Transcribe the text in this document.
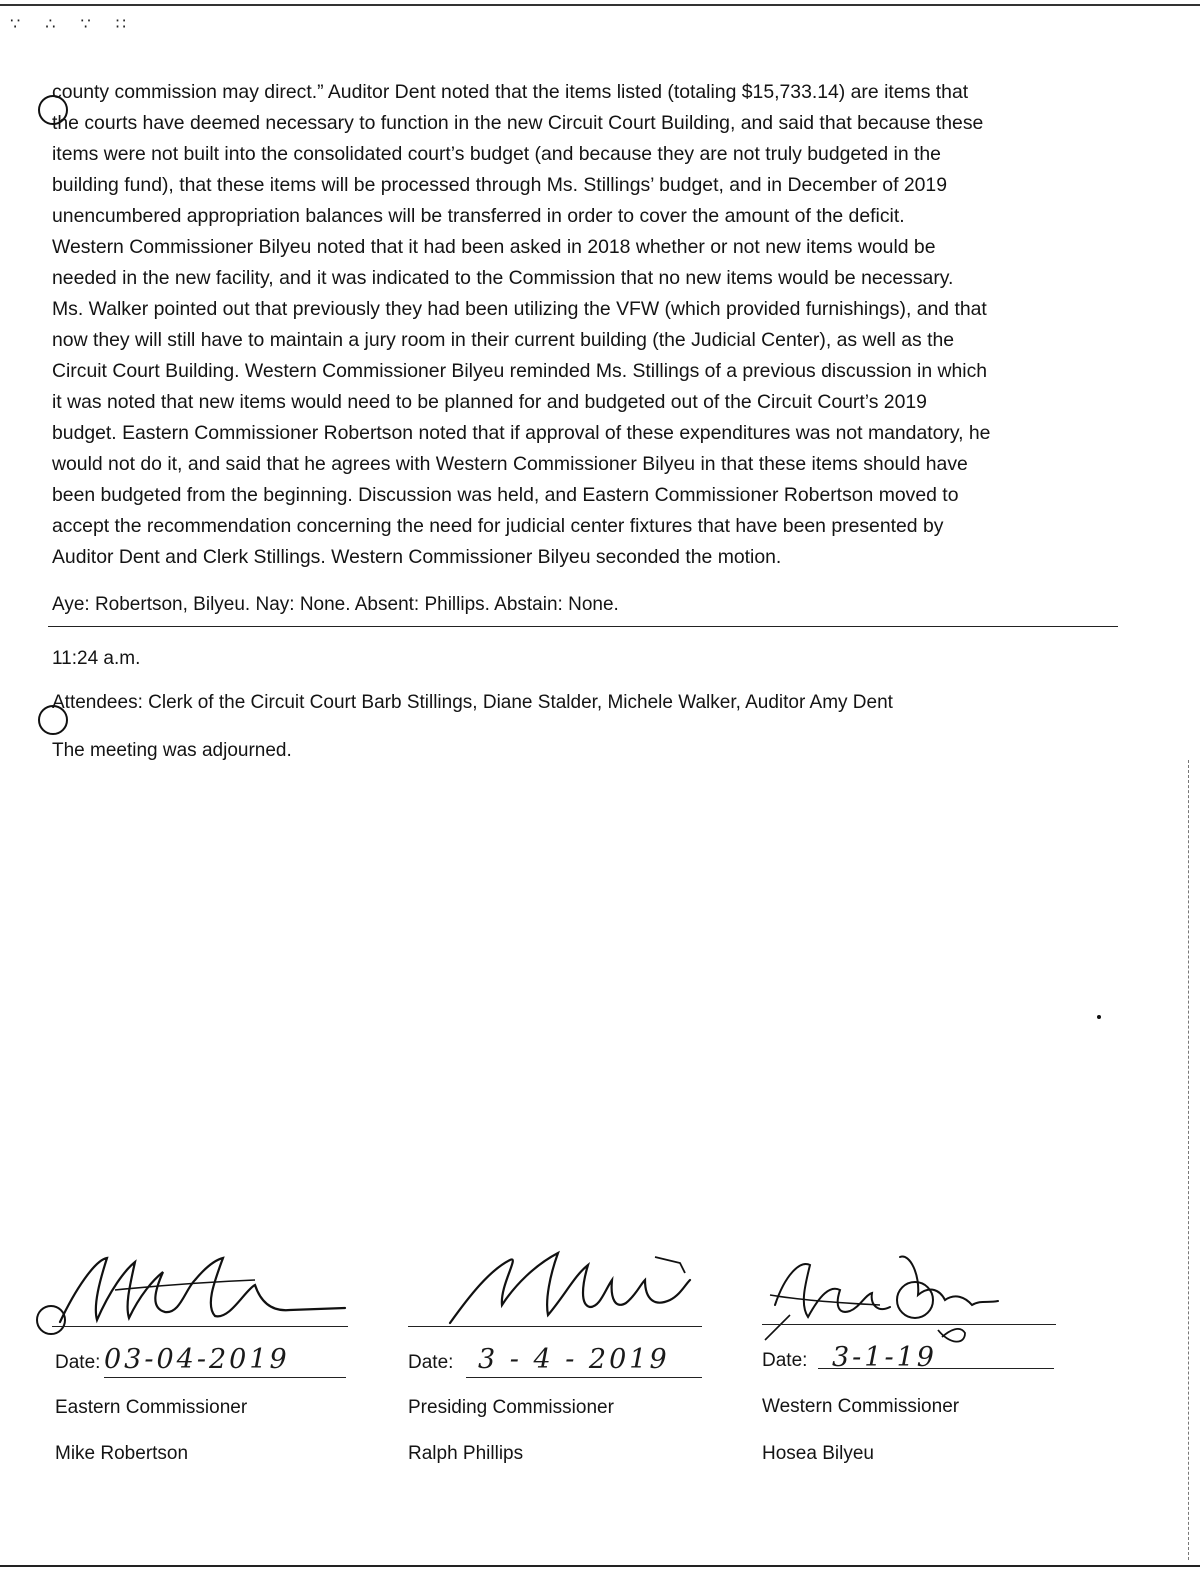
∵ ∴ ∵ ∷

county commission may direct.” Auditor Dent noted that the items listed (totaling $15,733.14) are items that
the courts have deemed necessary to function in the new Circuit Court Building, and said that because these
items were not built into the consolidated court’s budget (and because they are not truly budgeted in the
building fund), that these items will be processed through Ms. Stillings’ budget, and in December of 2019
unencumbered appropriation balances will be transferred in order to cover the amount of the deficit.
Western Commissioner Bilyeu noted that it had been asked in 2018 whether or not new items would be
needed in the new facility, and it was indicated to the Commission that no new items would be necessary.
Ms. Walker pointed out that previously they had been utilizing the VFW (which provided furnishings), and that
now they will still have to maintain a jury room in their current building (the Judicial Center), as well as the
Circuit Court Building. Western Commissioner Bilyeu reminded Ms. Stillings of a previous discussion in which
it was noted that new items would need to be planned for and budgeted out of the Circuit Court’s 2019
budget. Eastern Commissioner Robertson noted that if approval of these expenditures was not mandatory, he
would not do it, and said that he agrees with Western Commissioner Bilyeu in that these items should have
been budgeted from the beginning. Discussion was held, and Eastern Commissioner Robertson moved to
accept the recommendation concerning the need for judicial center fixtures that have been presented by
Auditor Dent and Clerk Stillings. Western Commissioner Bilyeu seconded the motion.

Aye: Robertson, Bilyeu. Nay: None. Absent: Phillips. Abstain: None.
11:24 a.m.
Attendees: Clerk of the Circuit Court Barb Stillings, Diane Stalder, Michele Walker, Auditor Amy Dent
The meeting was adjourned.
Date: 03-04-2019
Eastern Commissioner
Mike Robertson
Date: 3 - 4 - 2019
Presiding Commissioner
Ralph Phillips
Date: 3-1-19
Western Commissioner
Hosea Bilyeu
